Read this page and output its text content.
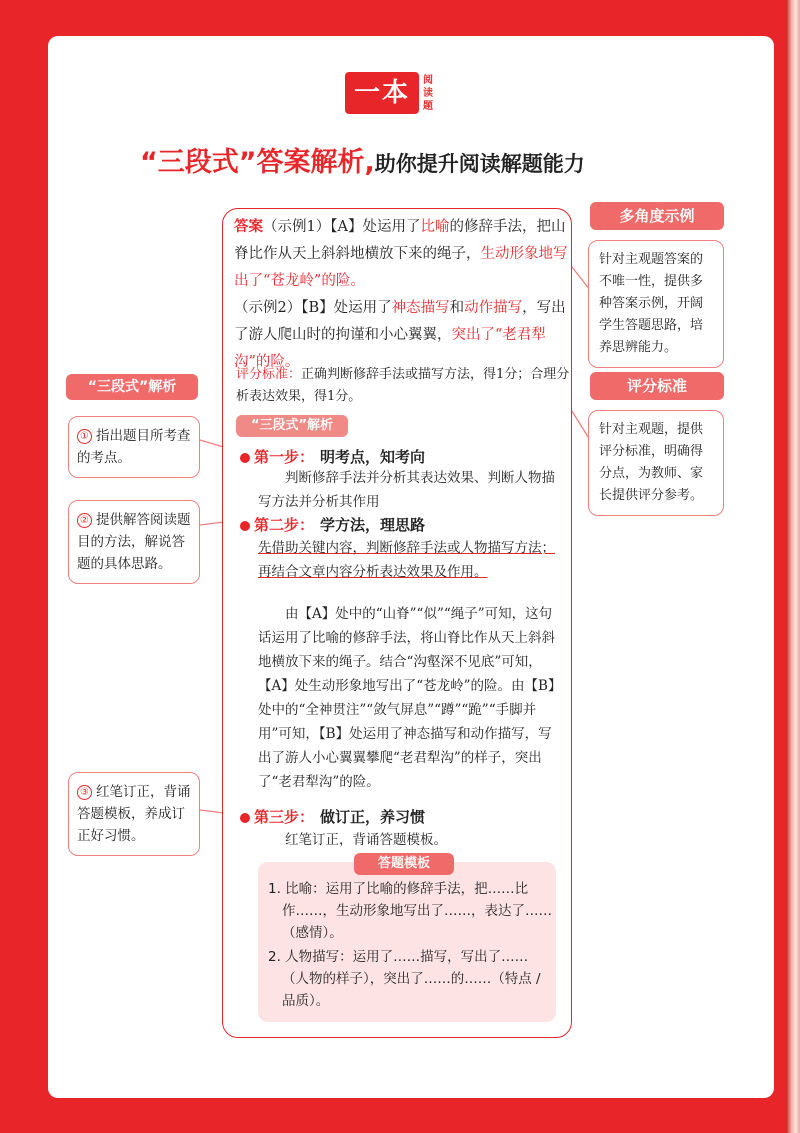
一本	阅读题
“三段式”答案解析,助你提升阅读解题能力
答案（示例1）【A】处运用了比喻的修辞手法，把山脊比作从天上斜斜地横放下来的绳子，生动形象地写出了“苍龙岭”的险。
（示例2）【B】处运用了神态描写和动作描写，写出了游人爬山时的拘谨和小心翼翼，突出了“老君犁沟”的险。
评分标准：正确判断修辞手法或描写方法，得1分；合理分析表达效果，得1分。
“三段式”解析
第一步： 明考点，知考向
判断修辞手法并分析其表达效果、判断人物描写方法并分析其作用
第二步： 学方法，理思路
先借助关键内容，判断修辞手法或人物描写方法；再结合文章内容分析表达效果及作用。
由【A】处中的“山脊”“似”“绳子”可知，这句话运用了比喻的修辞手法，将山脊比作从天上斜斜地横放下来的绳子。结合“沟壑深不见底”可知，【A】处生动形象地写出了“苍龙岭”的险。由【B】处中的“全神贯注”“敛气屏息”“蹲”“跪”“手脚并用”可知，【B】处运用了神态描写和动作描写，写出了游人小心翼翼攀爬“老君犁沟”的样子，突出了“老君犁沟”的险。
第三步： 做订正，养习惯
红笔订正，背诵答题模板。
答题模板

1. 比喻：运用了比喻的修辞手法，把……比作……，生动形象地写出了……，表达了……（感情）。

2. 人物描写：运用了……描写，写出了……（人物的样子），突出了……的……（特点 / 品质）。

多角度示例
针对主观题答案的不唯一性，提供多种答案示例，开阔学生答题思路，培养思辨能力。
评分标准
针对主观题，提供评分标准，明确得分点，为教师、家长提供评分参考。
“三段式”解析
① 指出题目所考查的考点。
② 提供解答阅读题目的方法，解说答题的具体思路。
③ 红笔订正，背诵答题模板，养成订正好习惯。
